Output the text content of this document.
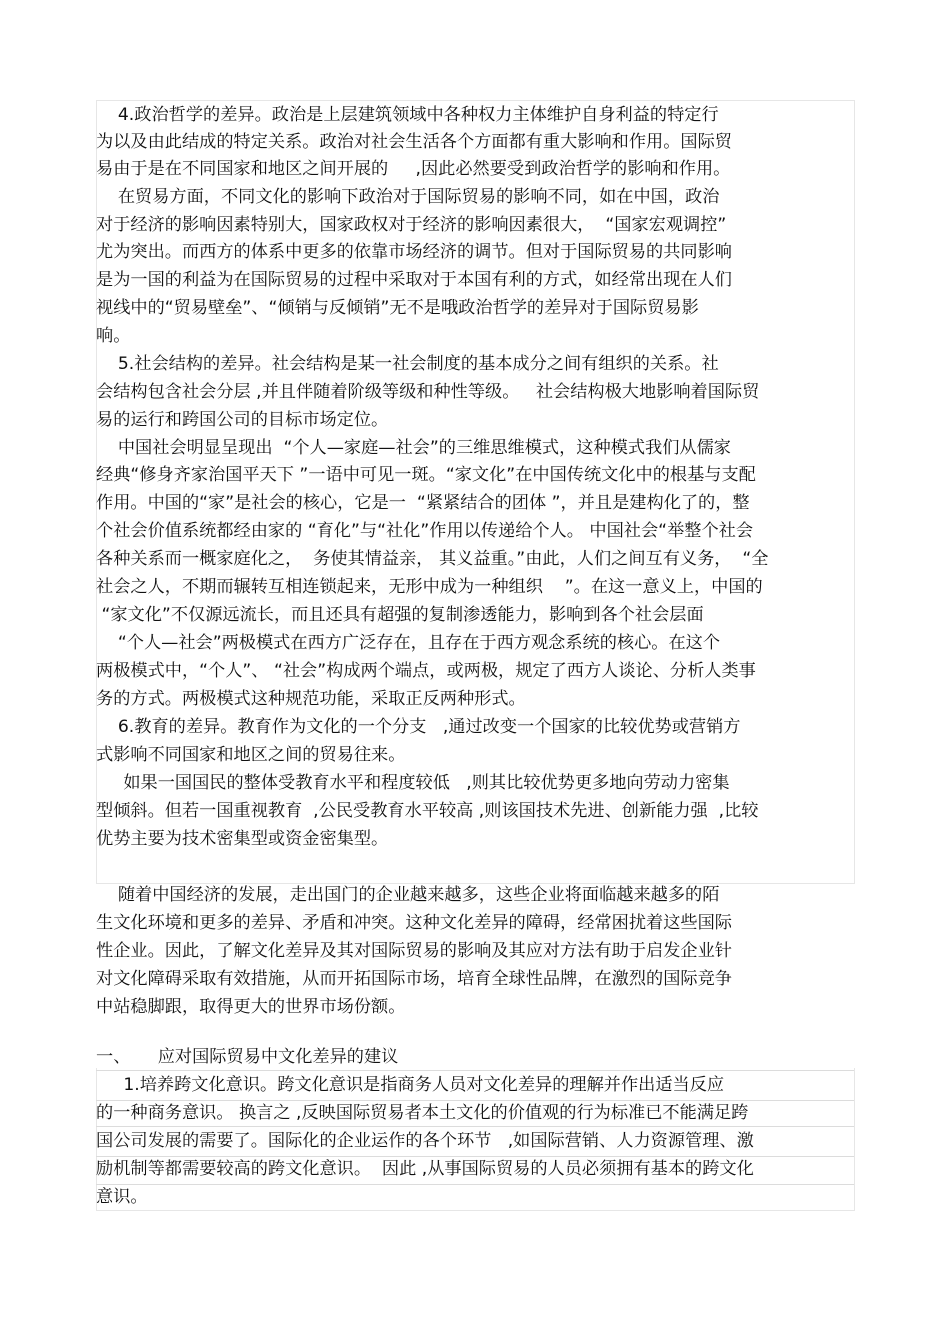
4.政治哲学的差异。政治是上层建筑领域中各种权力主体维护自身利益的特定行
为以及由此结成的特定关系。政治对社会生活各个方面都有重大影响和作用。国际贸
易由于是在不同国家和地区之间开展的     ,因此必然要受到政治哲学的影响和作用。
在贸易方面，不同文化的影响下政治对于国际贸易的影响不同，如在中国，政治
对于经济的影响因素特别大，国家政权对于经济的影响因素很大，  “国家宏观调控”
尤为突出。而西方的体系中更多的依靠市场经济的调节。但对于国际贸易的共同影响
是为一国的利益为在国际贸易的过程中采取对于本国有利的方式，如经常出现在人们
视线中的“贸易壁垒”、“倾销与反倾销”无不是哦政治哲学的差异对于国际贸易影
响。
5.社会结构的差异。社会结构是某一社会制度的基本成分之间有组织的关系。社
会结构包含社会分层 ,并且伴随着阶级等级和种性等级。   社会结构极大地影响着国际贸
易的运行和跨国公司的目标市场定位。
中国社会明显呈现出  “个人—家庭—社会”的三维思维模式，这种模式我们从儒家
经典“修身齐家治国平天下 ”一语中可见一斑。“家文化”在中国传统文化中的根基与支配
作用。中国的“家”是社会的核心，它是一  “紧紧结合的团体 ”，并且是建构化了的，整
个社会价值系统都经由家的 “育化”与“社化”作用以传递给个人。 中国社会“举整个社会
各种关系而一概家庭化之，  务使其情益亲， 其义益重。”由此，人们之间互有义务，  “全
社会之人，不期而辗转互相连锁起来，无形中成为一种组织    ”。在这一意义上，中国的
“家文化”不仅源远流长，而且还具有超强的复制渗透能力，影响到各个社会层面
“个人—社会”两极模式在西方广泛存在，且存在于西方观念系统的核心。在这个
两极模式中，“个人”、 “社会”构成两个端点，或两极，规定了西方人谈论、分析人类事
务的方式。两极模式这种规范功能，采取正反两种形式。
6.教育的差异。教育作为文化的一个分支   ,通过改变一个国家的比较优势或营销方
式影响不同国家和地区之间的贸易往来。
如果一国国民的整体受教育水平和程度较低   ,则其比较优势更多地向劳动力密集
型倾斜。但若一国重视教育  ,公民受教育水平较高 ,则该国技术先进、创新能力强  ,比较
优势主要为技术密集型或资金密集型。
随着中国经济的发展，走出国门的企业越来越多，这些企业将面临越来越多的陌
生文化环境和更多的差异、矛盾和冲突。这种文化差异的障碍，经常困扰着这些国际
性企业。因此，了解文化差异及其对国际贸易的影响及其应对方法有助于启发企业针
对文化障碍采取有效措施，从而开拓国际市场，培育全球性品牌，在激烈的国际竞争
中站稳脚跟，取得更大的世界市场份额。
一、     应对国际贸易中文化差异的建议
1.培养跨文化意识。跨文化意识是指商务人员对文化差异的理解并作出适当反应
的一种商务意识。 换言之 ,反映国际贸易者本土文化的价值观的行为标准已不能满足跨
国公司发展的需要了。国际化的企业运作的各个环节   ,如国际营销、人力资源管理、激
励机制等都需要较高的跨文化意识。  因此 ,从事国际贸易的人员必须拥有基本的跨文化
意识。
